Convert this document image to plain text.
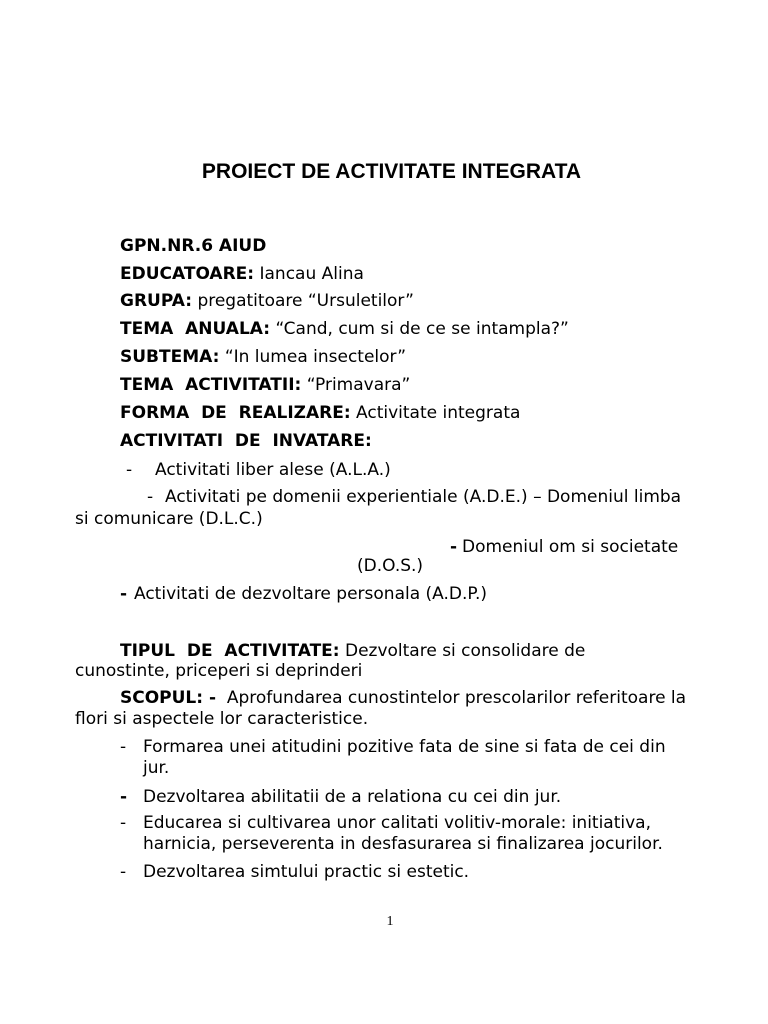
PROIECT DE ACTIVITATE INTEGRATA
GPN.NR.6 AIUD
EDUCATOARE: Iancau Alina
GRUPA: pregatitoare “Ursuletilor”
TEMA  ANUALA: “Cand, cum si de ce se intampla?”
SUBTEMA: “In lumea insectelor”
TEMA  ACTIVITATII: “Primavara”
FORMA  DE  REALIZARE: Activitate integrata
ACTIVITATI  DE  INVATARE:
- Activitati liber alese (A.L.A.)
- Activitati pe domenii experientiale (A.D.E.) – Domeniul limba
si comunicare (D.L.C.)
- Domeniul om si societate
(D.O.S.)
- Activitati de dezvoltare personala (A.D.P.)
TIPUL  DE  ACTIVITATE: Dezvoltare si consolidare de
cunostinte, priceperi si deprinderi
SCOPUL: - Aprofundarea cunostintelor prescolarilor referitoare la
flori si aspectele lor caracteristice.
- Formarea unei atitudini pozitive fata de sine si fata de cei din
jur.
- Dezvoltarea abilitatii de a relationa cu cei din jur.
- Educarea si cultivarea unor calitati volitiv-morale: initiativa,
harnicia, perseverenta in desfasurarea si finalizarea jocurilor.
- Dezvoltarea simtului practic si estetic.
1
